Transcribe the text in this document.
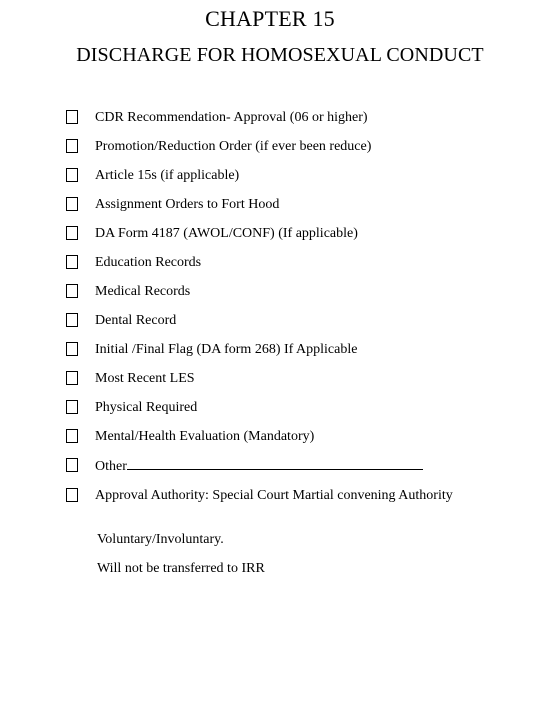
CHAPTER 15
DISCHARGE FOR HOMOSEXUAL CONDUCT
CDR Recommendation- Approval (06 or higher)
Promotion/Reduction Order (if ever been reduce)
Article 15s (if applicable)
Assignment Orders to Fort Hood
DA Form 4187 (AWOL/CONF) (If applicable)
Education Records
Medical Records
Dental Record
Initial /Final Flag (DA form 268) If Applicable
Most Recent LES
Physical Required
Mental/Health Evaluation (Mandatory)
Other
Approval Authority: Special Court Martial convening Authority
Voluntary/Involuntary.
Will not be transferred to IRR
